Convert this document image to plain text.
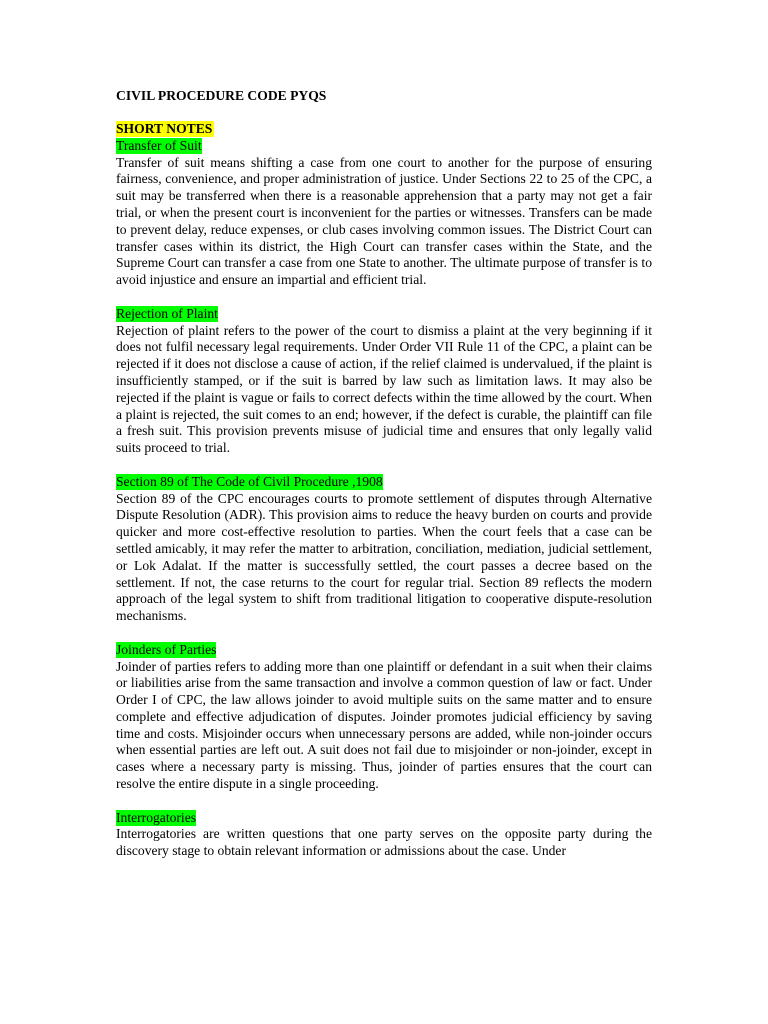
CIVIL PROCEDURE CODE PYQS
SHORT NOTES
Transfer of Suit

Transfer of suit means shifting a case from one court to another for the purpose of ensuring fairness, convenience, and proper administration of justice. Under Sections 22 to 25 of the CPC, a suit may be transferred when there is a reasonable apprehension that a party may not get a fair trial, or when the present court is inconvenient for the parties or witnesses. Transfers can be made to prevent delay, reduce expenses, or club cases involving common issues. The District Court can transfer cases within its district, the High Court can transfer cases within the State, and the Supreme Court can transfer a case from one State to another. The ultimate purpose of transfer is to avoid injustice and ensure an impartial and efficient trial.

Rejection of Plaint

Rejection of plaint refers to the power of the court to dismiss a plaint at the very beginning if it does not fulfil necessary legal requirements. Under Order VII Rule 11 of the CPC, a plaint can be rejected if it does not disclose a cause of action, if the relief claimed is undervalued, if the plaint is insufficiently stamped, or if the suit is barred by law such as limitation laws. It may also be rejected if the plaint is vague or fails to correct defects within the time allowed by the court. When a plaint is rejected, the suit comes to an end; however, if the defect is curable, the plaintiff can file a fresh suit. This provision prevents misuse of judicial time and ensures that only legally valid suits proceed to trial.

Section 89 of The Code of Civil Procedure ,1908

Section 89 of the CPC encourages courts to promote settlement of disputes through Alternative Dispute Resolution (ADR). This provision aims to reduce the heavy burden on courts and provide quicker and more cost-effective resolution to parties. When the court feels that a case can be settled amicably, it may refer the matter to arbitration, conciliation, mediation, judicial settlement, or Lok Adalat. If the matter is successfully settled, the court passes a decree based on the settlement. If not, the case returns to the court for regular trial. Section 89 reflects the modern approach of the legal system to shift from traditional litigation to cooperative dispute-resolution mechanisms.

Joinders of Parties

Joinder of parties refers to adding more than one plaintiff or defendant in a suit when their claims or liabilities arise from the same transaction and involve a common question of law or fact. Under Order I of CPC, the law allows joinder to avoid multiple suits on the same matter and to ensure complete and effective adjudication of disputes. Joinder promotes judicial efficiency by saving time and costs. Misjoinder occurs when unnecessary persons are added, while non-joinder occurs when essential parties are left out. A suit does not fail due to misjoinder or non-joinder, except in cases where a necessary party is missing. Thus, joinder of parties ensures that the court can resolve the entire dispute in a single proceeding.

Interrogatories

Interrogatories are written questions that one party serves on the opposite party during the discovery stage to obtain relevant information or admissions about the case. Under
